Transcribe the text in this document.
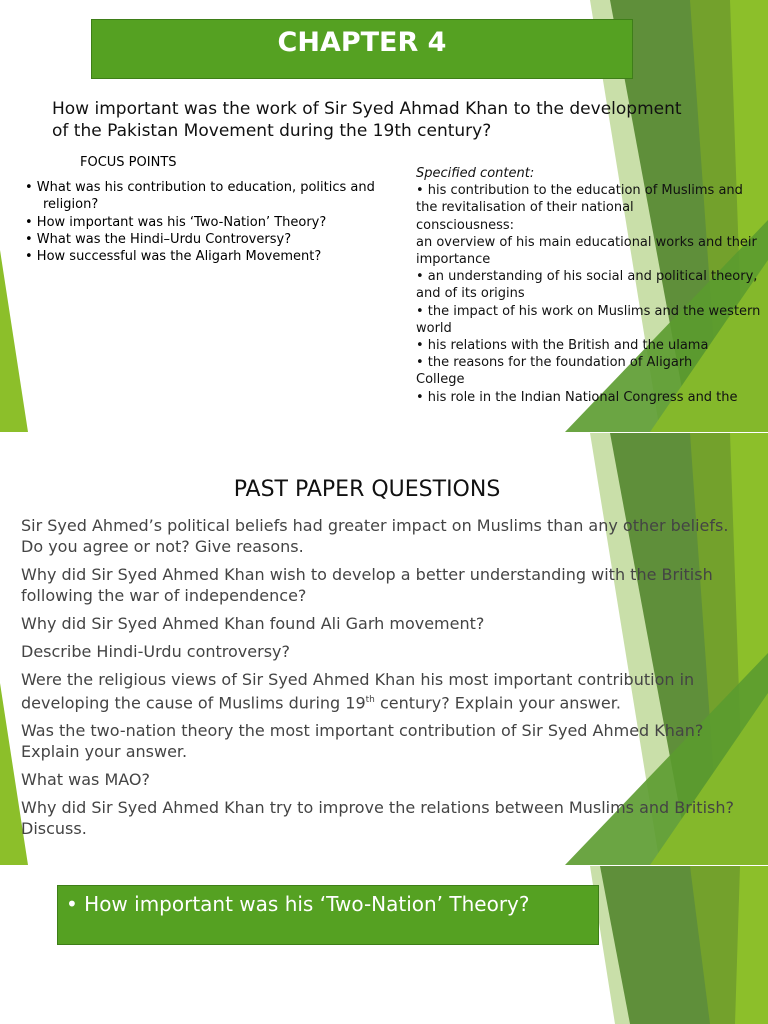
CHAPTER 4
How important was the work of Sir Syed Ahmad Khan to the development of the Pakistan Movement during the 19th century?
FOCUS POINTS
• What was his contribution to education, politics and religion?
• How important was his ‘Two-Nation’ Theory?
• What was the Hindi–Urdu Controversy?
• How successful was the Aligarh Movement?
Specified content:
• his contribution to the education of Muslims and
the revitalisation of their national consciousness:
an overview of his main educational works and their importance
• an understanding of his social and political theory, and of its origins
• the impact of his work on Muslims and the western world
• his relations with the British and the ulama
• the reasons for the foundation of Aligarh College
• his role in the Indian National Congress and the
PAST PAPER QUESTIONS

Sir Syed Ahmed’s political beliefs had greater impact on Muslims than any other beliefs. Do you agree or not? Give reasons.

Why did Sir Syed Ahmed Khan wish to develop a better understanding with the British following the war of independence?

Why did Sir Syed Ahmed Khan found Ali Garh movement?

Describe Hindi-Urdu controversy?

Were the religious views of Sir Syed Ahmed Khan his most important contribution in developing the cause of Muslims during 19th century? Explain your answer.

Was the two-nation theory the most important contribution of Sir Syed Ahmed Khan? Explain your answer.

What was MAO?

Why did Sir Syed Ahmed Khan try to improve the relations between Muslims and British? Discuss.

• How important was his ‘Two-Nation’ Theory?
